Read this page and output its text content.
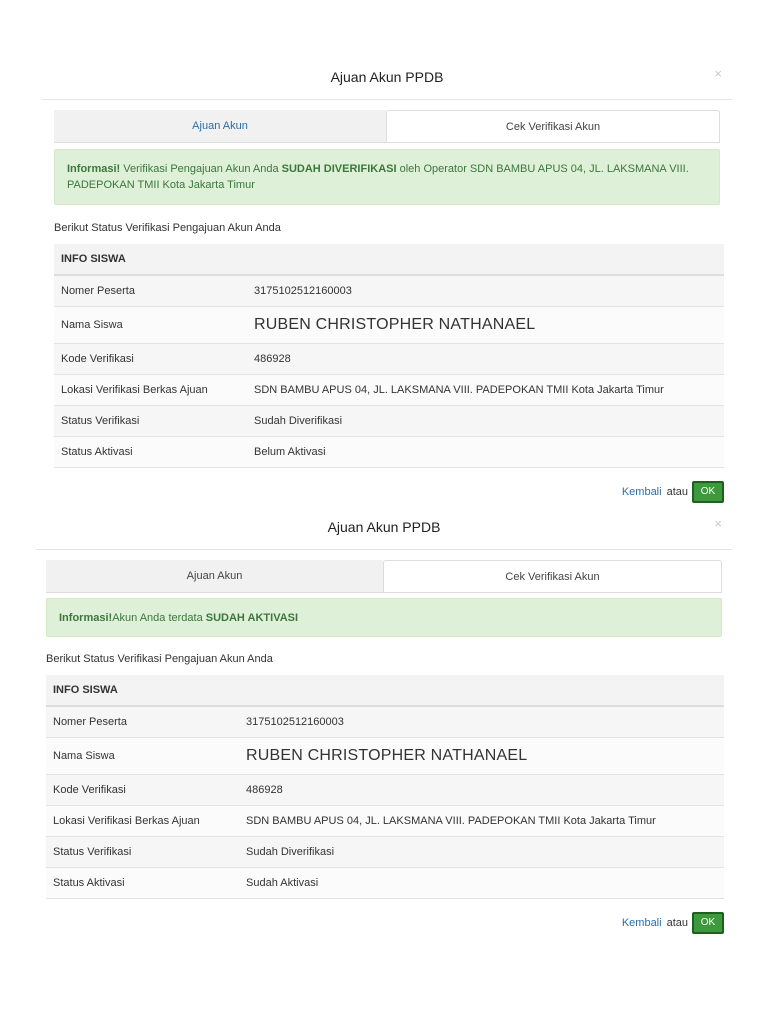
Ajuan Akun PPDB	×
Ajuan Akun	Cek Verifikasi Akun
Informasi! Verifikasi Pengajuan Akun Anda SUDAH DIVERIFIKASI oleh Operator SDN BAMBU APUS 04, JL. LAKSMANA VIII. PADEPOKAN TMII Kota Jakarta Timur
Berikut Status Verifikasi Pengajuan Akun Anda
INFO SISWA	
Nomer Peserta	3175102512160003
Nama Siswa	RUBEN CHRISTOPHER NATHANAEL
Kode Verifikasi	486928
Lokasi Verifikasi Berkas Ajuan	SDN BAMBU APUS 04, JL. LAKSMANA VIII. PADEPOKAN TMII Kota Jakarta Timur
Status Verifikasi	Sudah Diverifikasi
Status Aktivasi	Belum Aktivasi
Kembali atau	OK
Ajuan Akun PPDB	×
Ajuan Akun	Cek Verifikasi Akun
Informasi!Akun Anda terdata SUDAH AKTIVASI
Berikut Status Verifikasi Pengajuan Akun Anda
INFO SISWA	
Nomer Peserta	3175102512160003
Nama Siswa	RUBEN CHRISTOPHER NATHANAEL
Kode Verifikasi	486928
Lokasi Verifikasi Berkas Ajuan	SDN BAMBU APUS 04, JL. LAKSMANA VIII. PADEPOKAN TMII Kota Jakarta Timur
Status Verifikasi	Sudah Diverifikasi
Status Aktivasi	Sudah Aktivasi
Kembali atau	OK
